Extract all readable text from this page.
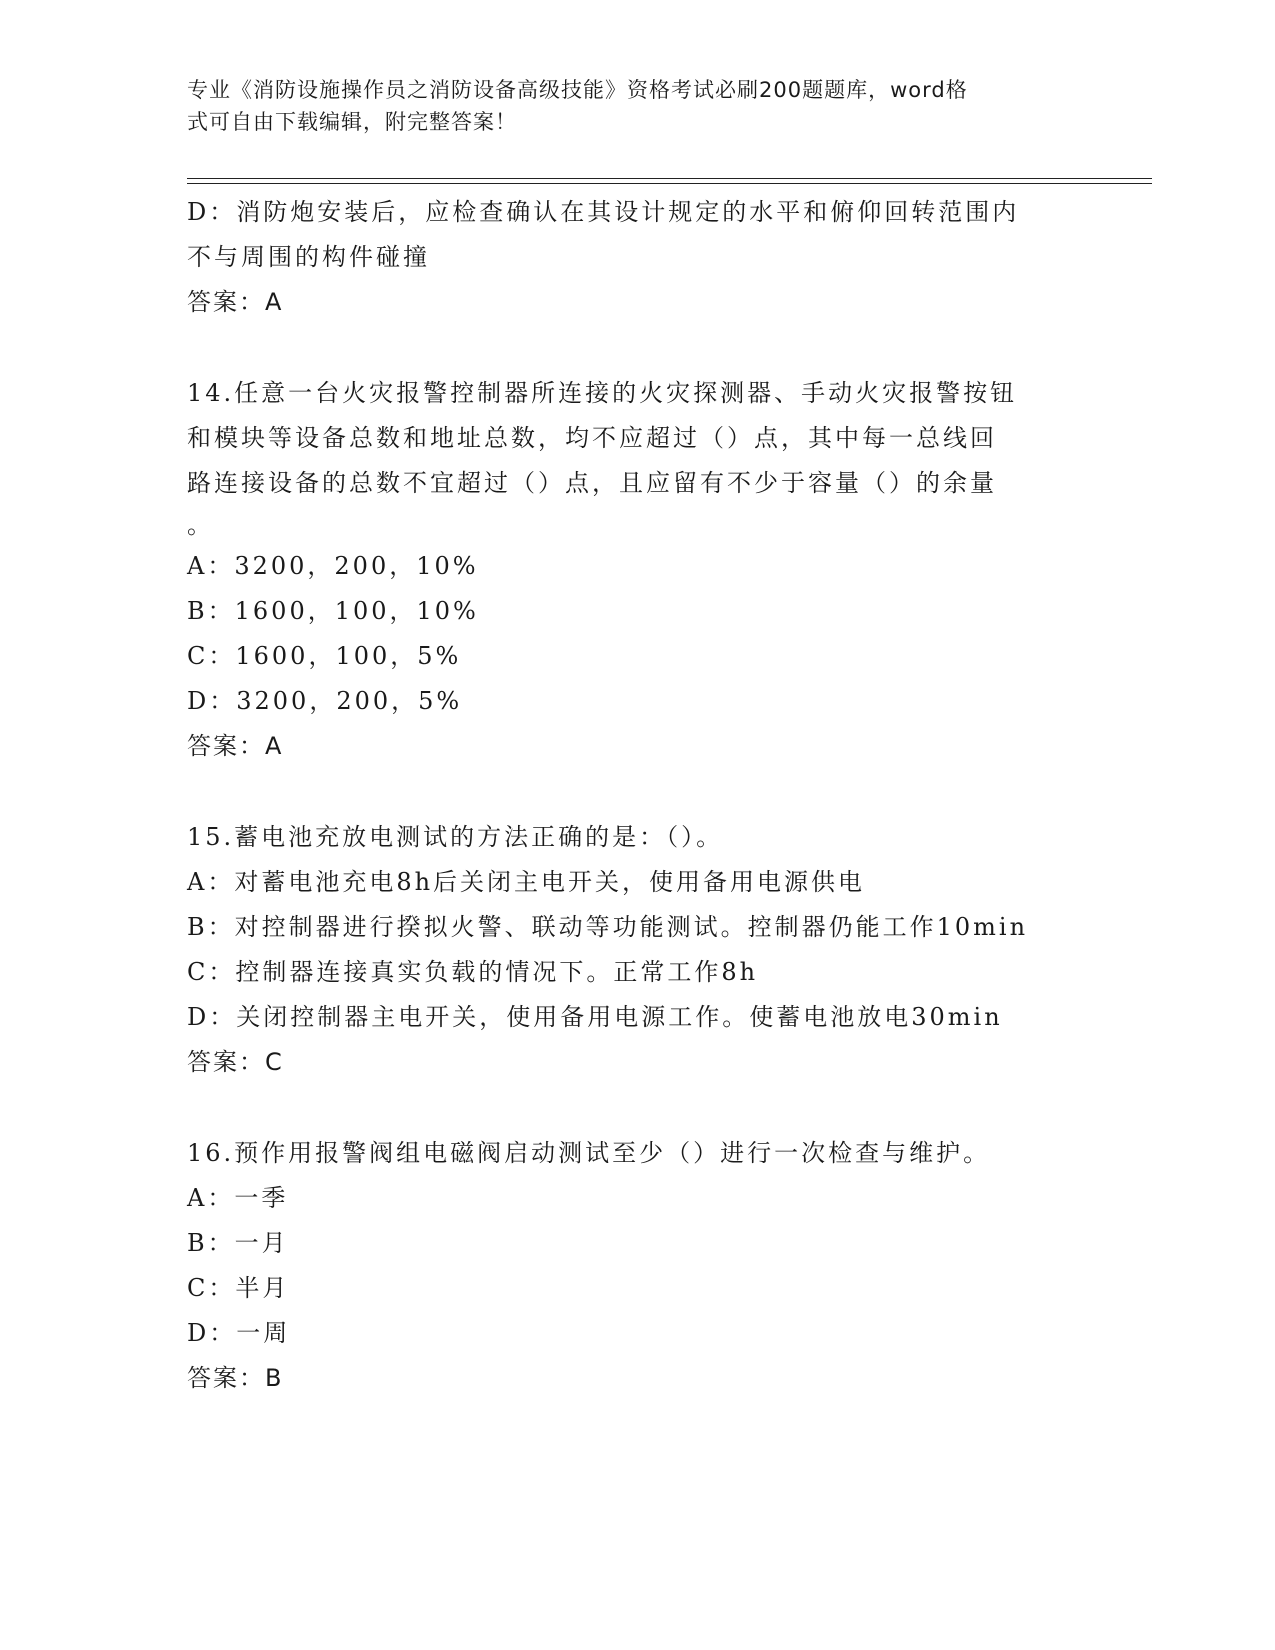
专业《消防设施操作员之消防设备高级技能》资格考试必刷200题题库，word格
式可自由下载编辑，附完整答案！
D：消防炮安装后，应检查确认在其设计规定的水平和俯仰回转范围内
不与周围的构件碰撞
答案：A
14.任意一台火灾报警控制器所连接的火灾探测器、手动火灾报警按钮
和模块等设备总数和地址总数，均不应超过（）点，其中每一总线回
路连接设备的总数不宜超过（）点，且应留有不少于容量（）的余量
。
A：3200，200，10%
B：1600，100，10%
C：1600，100，5%
D：3200，200，5%
答案：A
15.蓄电池充放电测试的方法正确的是：（）。
A：对蓄电池充电8h后关闭主电开关，使用备用电源供电
B：对控制器进行揆拟火警、联动等功能测试。控制器仍能工作10min
C：控制器连接真实负载的情况下。正常工作8h
D：关闭控制器主电开关，使用备用电源工作。使蓄电池放电30min
答案：C
16.预作用报警阀组电磁阀启动测试至少（）进行一次检查与维护。
A：一季
B：一月
C：半月
D：一周
答案：B
